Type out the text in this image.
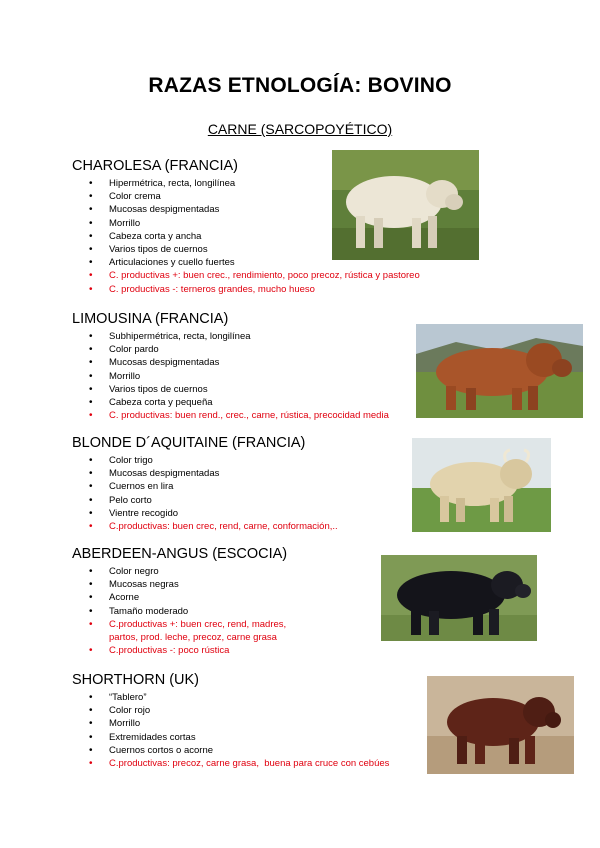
RAZAS ETNOLOGÍA: BOVINO
CARNE (SARCOPOYÉTICO)
CHAROLESA (FRANCIA)
• Hipermétrica, recta, longilínea
• Color crema
• Mucosas despigmentadas
• Morrillo
• Cabeza corta y ancha
• Varios tipos de cuernos
• Articulaciones y cuello fuertes
• C. productivas +: buen crec., rendimiento, poco precoz, rústica y pastoreo
• C. productivas -: terneros grandes, mucho hueso
LIMOUSINA (FRANCIA)
• Subhipermétrica, recta, longilínea
• Color pardo
• Mucosas despigmentadas
• Morrillo
• Varios tipos de cuernos
• Cabeza corta y pequeña
• C. productivas: buen rend., crec., carne, rústica, precocidad media
BLONDE D´AQUITAINE (FRANCIA)
• Color trigo
• Mucosas despigmentadas
• Cuernos en lira
• Pelo corto
• Vientre recogido
• C.productivas: buen crec, rend, carne, conformación,..
ABERDEEN-ANGUS (ESCOCIA)
• Color negro
• Mucosas negras
• Acorne
• Tamaño moderado
• C.productivas +: buen crec, rend, madres,
partos, prod. leche, precoz, carne grasa
• C.productivas -: poco rústica
SHORTHORN (UK)
• “Tablero”
• Color rojo
• Morrillo
• Extremidades cortas
• Cuernos cortos o acorne
• C.productivas: precoz, carne grasa,  buena para cruce con cebúes
